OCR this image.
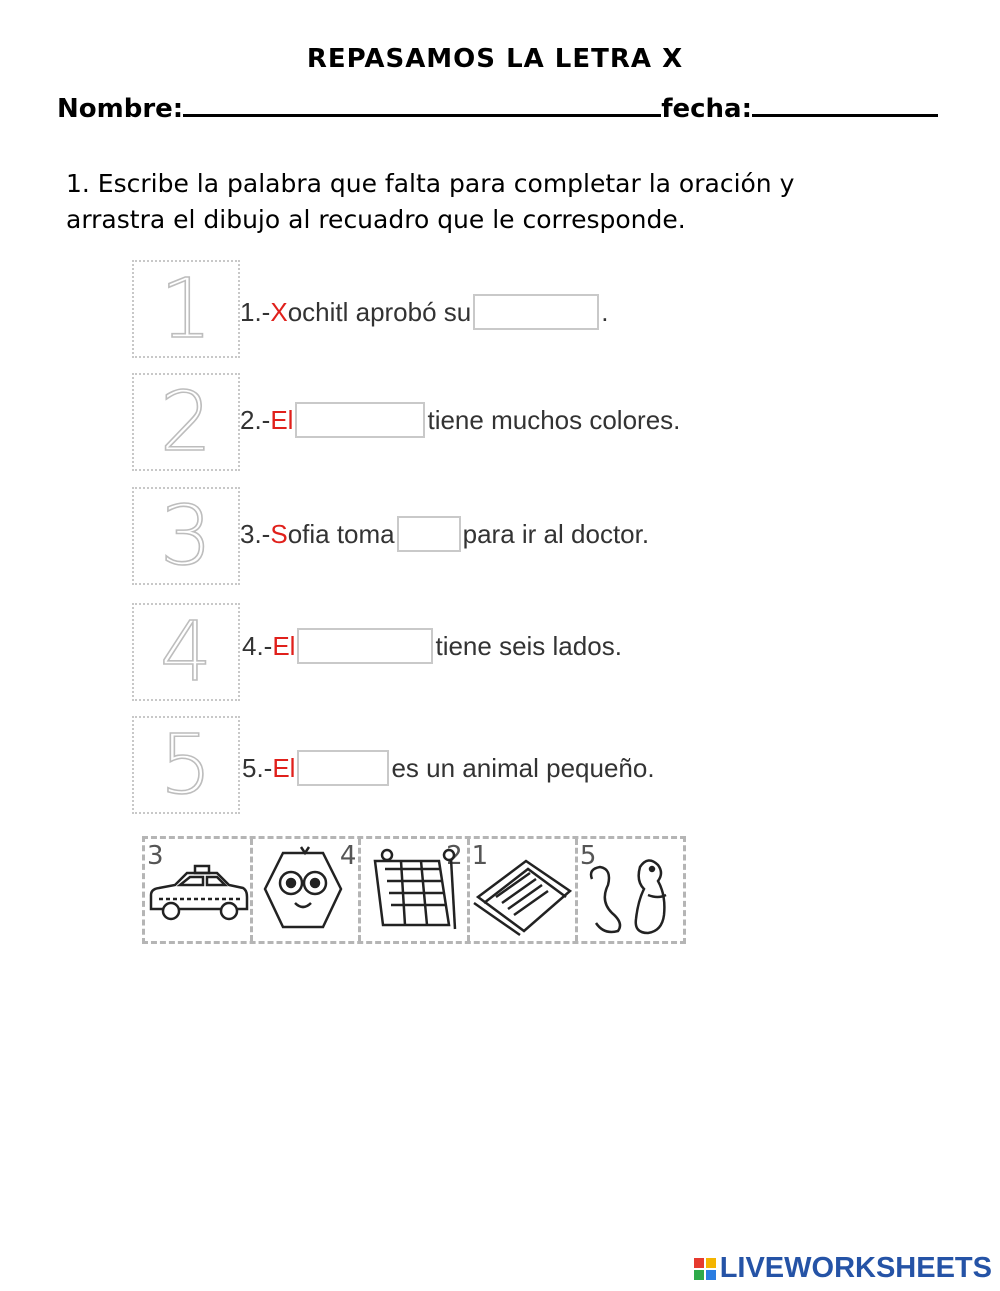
REPASAMOS LA LETRA X
Nombre:	fecha:
1. Escribe la palabra que falta para completar la oración y arrastra el dibujo al recuadro que le corresponde.
1
2
3
4
5
1.- X ochitl aprobó su	.
2.- El	tiene muchos colores.
3.- S ofia toma	para ir al doctor.
4.- El	tiene seis lados.
5.- El	es un animal pequeño.
3	4	2 1	5
LIVEWORKSHEETS
